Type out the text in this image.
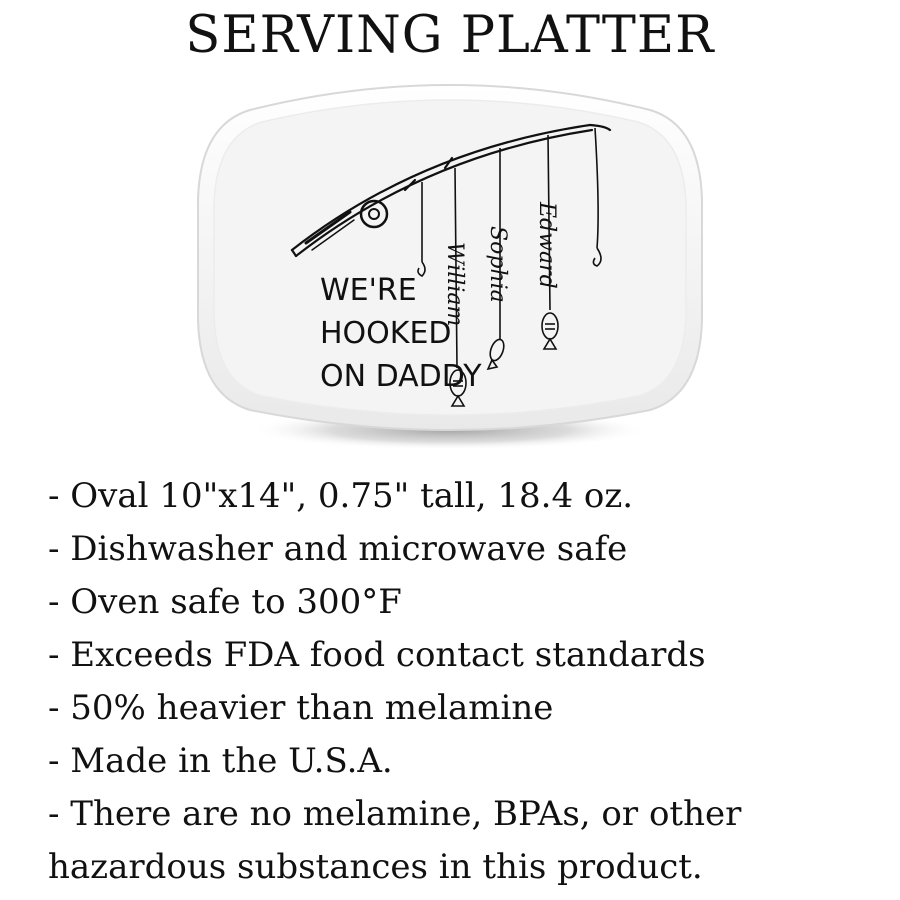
SERVING PLATTER
William Sophia Edward
WE'RE
HOOKED
ON DADDY
- Oval 10"x14", 0.75" tall, 18.4 oz.
- Dishwasher and microwave safe
- Oven safe to 300°F
- Exceeds FDA food contact standards
- 50% heavier than melamine
- Made in the U.S.A.
- There are no melamine, BPAs, or other
hazardous substances in this product.
